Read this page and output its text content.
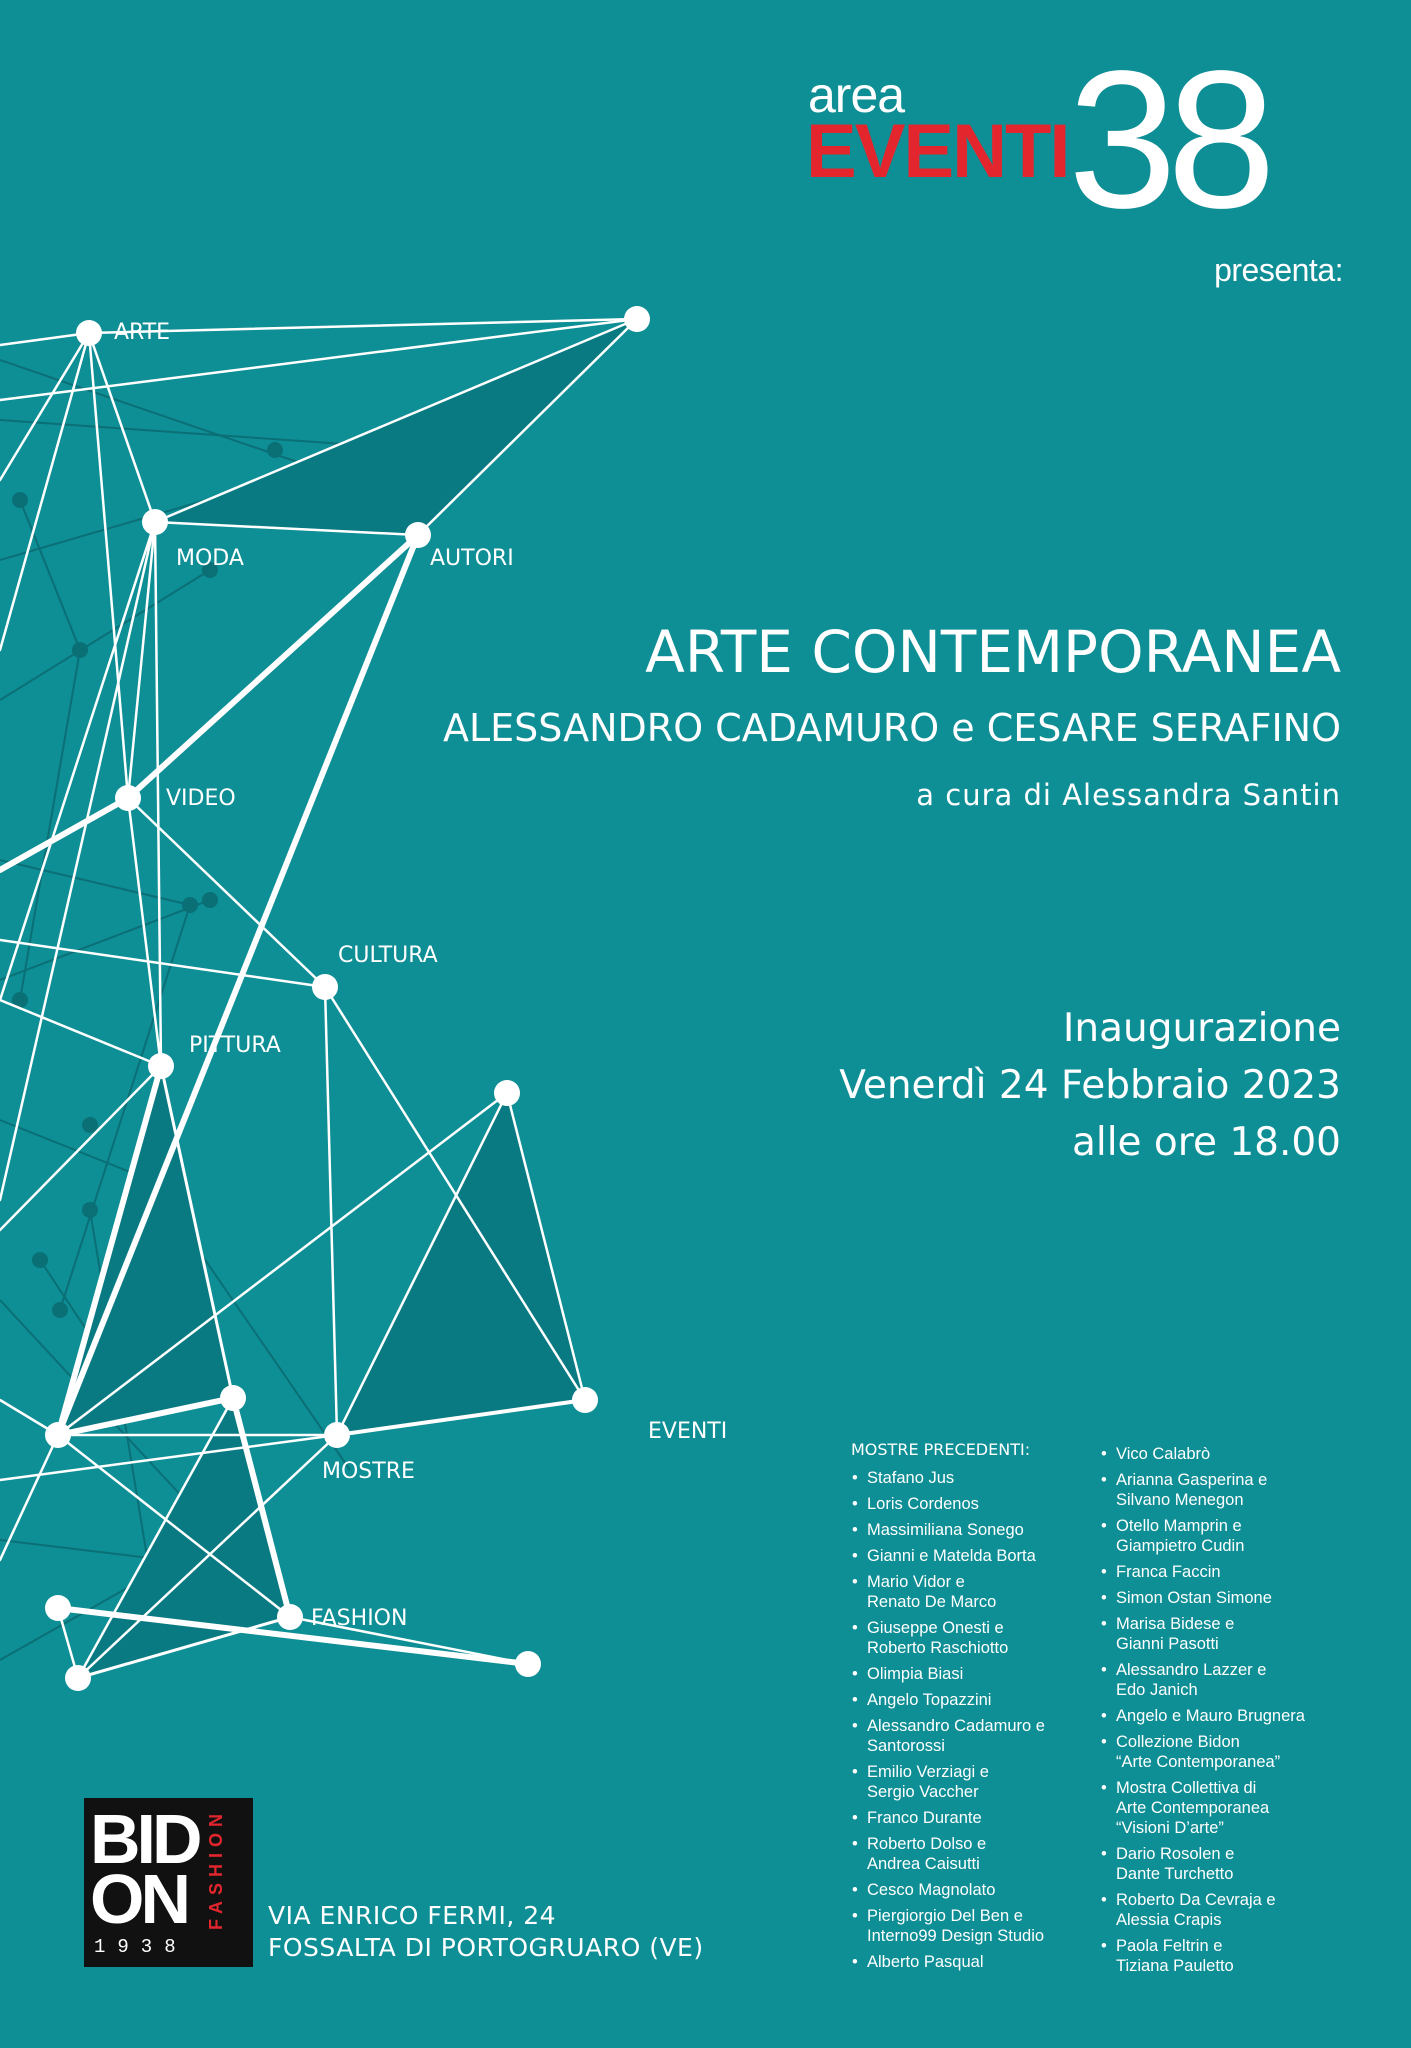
area
EVENTI 38
presenta:
ARTE CONTEMPORANEA
ALESSANDRO CADAMURO e CESARE SERAFINO
a cura di Alessandra Santin
Inaugurazione
Venerdì 24 Febbraio 2023
alle ore 18.00
ARTE
MODA	AUTORI
VIDEO
CULTURA
PITTURA
EVENTI
MOSTRE
FASHION
MOSTRE PRECEDENTI:
• Stafano Jus
• Loris Cordenos
• Massimiliana Sonego
• Gianni e Matelda Borta
• Mario Vidor e
Renato De Marco
• Giuseppe Onesti e
Roberto Raschiotto
• Olimpia Biasi
• Angelo Topazzini
• Alessandro Cadamuro e
Santorossi
• Emilio Verziagi e
Sergio Vaccher
• Franco Durante
• Roberto Dolso e
Andrea Caisutti
• Cesco Magnolato
• Piergiorgio Del Ben e
Interno99 Design Studio
• Alberto Pasqual
• Vico Calabrò
• Arianna Gasperina e
Silvano Menegon
• Otello Mamprin e
Giampietro Cudin
• Franca Faccin
• Simon Ostan Simone
• Marisa Bidese e
Gianni Pasotti
• Alessandro Lazzer e
Edo Janich
• Angelo e Mauro Brugnera
• Collezione Bidon
“Arte Contemporanea”
• Mostra Collettiva di
Arte Contemporanea
“Visioni D’arte”
• Dario Rosolen e
Dante Turchetto
• Roberto Da Cevraja e
Alessia Crapis
• Paola Feltrin e
Tiziana Pauletto
BID
ON
1938
FASHION VIA ENRICO FERMI, 24
FOSSALTA DI PORTOGRUARO (VE)
